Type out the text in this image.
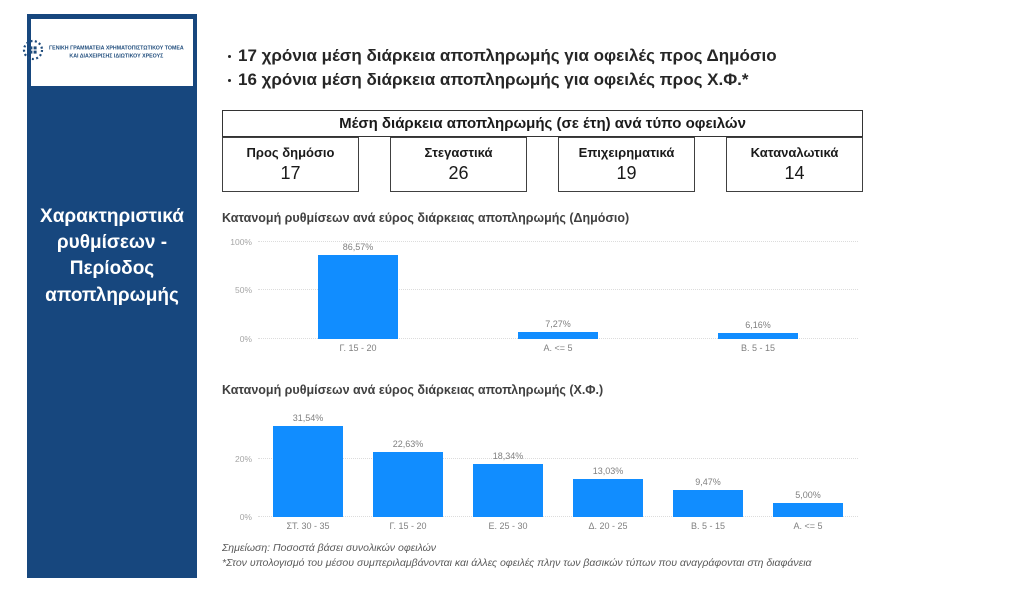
ΓΕΝΙΚΗ ΓΡΑΜΜΑΤΕΙΑ ΧΡΗΜΑΤΟΠΙΣΤΩΤΙΚΟΥ ΤΟΜΕΑ
ΚΑΙ ΔΙΑΧΕΙΡΙΣΗΣ ΙΔΙΩΤΙΚΟΥ ΧΡΕΟΥΣ
Χαρακτηριστικά ρυθμίσεων - Περίοδος αποπληρωμής
17 χρόνια μέση διάρκεια αποπληρωμής για οφειλές προς Δημόσιο
16 χρόνια μέση διάρκεια αποπληρωμής για οφειλές προς Χ.Φ.*
Μέση διάρκεια αποπληρωμής (σε έτη) ανά τύπο οφειλών
Προς δημόσιο
17
Στεγαστικά
26
Επιχειρηματικά
19
Καταναλωτικά
14
Κατανομή ρυθμίσεων ανά εύρος διάρκειας αποπληρωμής (Δημόσιο)
0%
50%
100%
86,57%
Γ. 15 - 20
7,27%
Α. <= 5
6,16%
Β. 5 - 15
Κατανομή ρυθμίσεων ανά εύρος διάρκειας αποπληρωμής (Χ.Φ.)
0%
20%
31,54%
ΣΤ. 30 - 35
22,63%
Γ. 15 - 20
18,34%
Ε. 25 - 30
13,03%
Δ. 20 - 25
9,47%
Β. 5 - 15
5,00%
Α. <= 5
Σημείωση: Ποσοστά βάσει συνολικών οφειλών
*Στον υπολογισμό του μέσου συμπεριλαμβάνονται και άλλες οφειλές πλην των βασικών τύπων που αναγράφονται στη διαφάνεια
